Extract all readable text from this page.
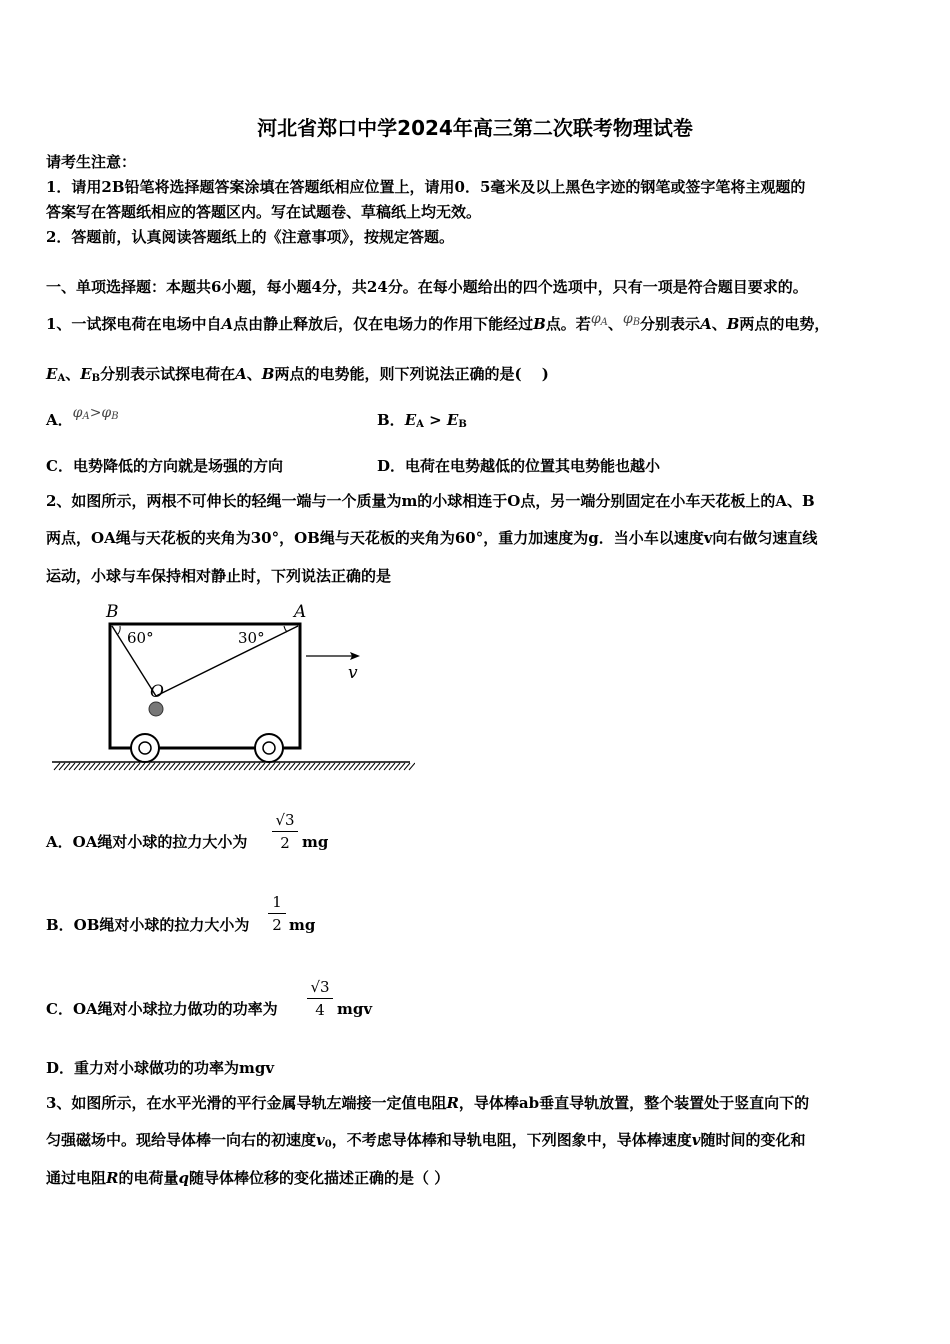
河北省郑口中学2024年高三第二次联考物理试卷
请考生注意：
1．请用2B铅笔将选择题答案涂填在答题纸相应位置上，请用0．5毫米及以上黑色字迹的钢笔或签字笔将主观题的
答案写在答题纸相应的答题区内。写在试题卷、草稿纸上均无效。
2．答题前，认真阅读答题纸上的《注意事项》，按规定答题。
一、单项选择题：本题共6小题，每小题4分，共24分。在每小题给出的四个选项中，只有一项是符合题目要求的。
1、一试探电荷在电场中自A点由静止释放后，仅在电场力的作用下能经过B点。若$\varphi_A$、$\varphi_B$分别表示A、B两点的电势，
$E_A$、$E_B$分别表示试探电荷在A、B两点的电势能，则下列说法正确的是(　 )
A．$\varphi_A>\varphi_B$	B．$E_A > E_B$
C．电势降低的方向就是场强的方向	D．电荷在电势越低的位置其电势能也越小
2、如图所示，两根不可伸长的轻绳一端与一个质量为m的小球相连于O点，另一端分别固定在小车天花板上的A、B
两点，OA绳与天花板的夹角为30°，OB绳与天花板的夹角为60°，重力加速度为g．当小车以速度v向右做匀速直线
运动，小球与车保持相对静止时，下列说法正确的是
B	A
60°	30°
O
v
A．OA绳对小球的拉力大小为
√3
2 mg
B．OB绳对小球的拉力大小为
1
2 mg
C．OA绳对小球拉力做功的功率为
√3
4 mgv
D．重力对小球做功的功率为mgv
3、如图所示，在水平光滑的平行金属导轨左端接一定值电阻R，导体棒ab垂直导轨放置，整个装置处于竖直向下的
匀强磁场中。现给导体棒一向右的初速度$v_0$，不考虑导体棒和导轨电阻，下列图象中，导体棒速度v随时间的变化和
通过电阻R的电荷量q随导体棒位移的变化描述正确的是（ ）
